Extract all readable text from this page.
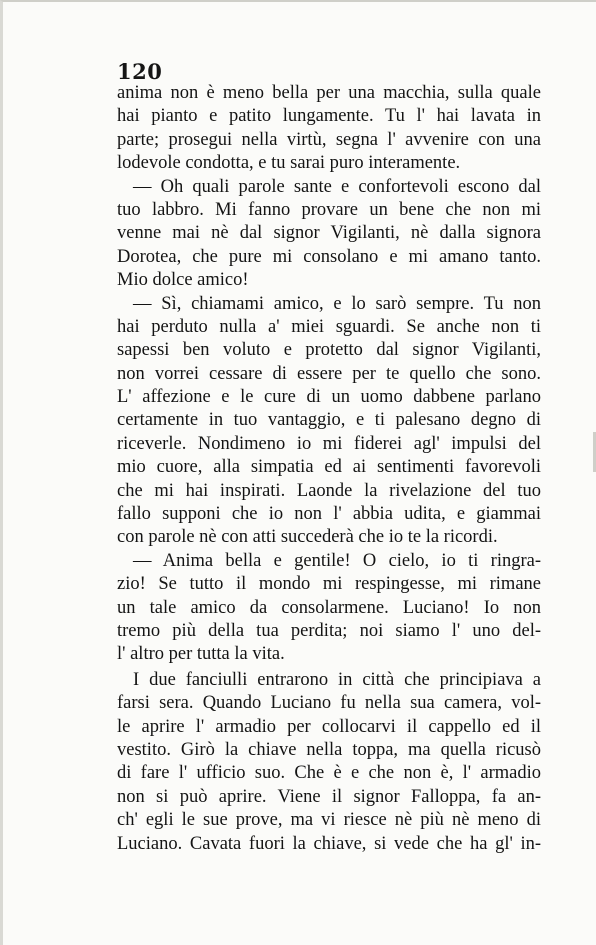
120
anima non è meno bella per una macchia, sulla quale
hai pianto e patito lungamente. Tu l' hai lavata in
parte; prosegui nella virtù, segna l' avvenire con una
lodevole condotta, e tu sarai puro interamente.
— Oh quali parole sante e confortevoli escono dal
tuo labbro. Mi fanno provare un bene che non mi
venne mai nè dal signor Vigilanti, nè dalla signora
Dorotea, che pure mi consolano e mi amano tanto.
Mio dolce amico!
— Sì, chiamami amico, e lo sarò sempre. Tu non
hai perduto nulla a' miei sguardi. Se anche non ti
sapessi ben voluto e protetto dal signor Vigilanti,
non vorrei cessare di essere per te quello che sono.
L' affezione e le cure di un uomo dabbene parlano
certamente in tuo vantaggio, e ti palesano degno di
riceverle. Nondimeno io mi fiderei agl' impulsi del
mio cuore, alla simpatia ed ai sentimenti favorevoli
che mi hai inspirati. Laonde la rivelazione del tuo
fallo supponi che io non l' abbia udita, e giammai
con parole nè con atti succederà che io te la ricordi.
— Anima bella e gentile! O cielo, io ti ringra-
zio! Se tutto il mondo mi respingesse, mi rimane
un tale amico da consolarmene. Luciano! Io non
tremo più della tua perdita; noi siamo l' uno del-
l' altro per tutta la vita.
I due fanciulli entrarono in città che principiava a
farsi sera. Quando Luciano fu nella sua camera, vol-
le aprire l' armadio per collocarvi il cappello ed il
vestito. Girò la chiave nella toppa, ma quella ricusò
di fare l' ufficio suo. Che è e che non è, l' armadio
non si può aprire. Viene il signor Falloppa, fa an-
ch' egli le sue prove, ma vi riesce nè più nè meno di
Luciano. Cavata fuori la chiave, si vede che ha gl' in-
